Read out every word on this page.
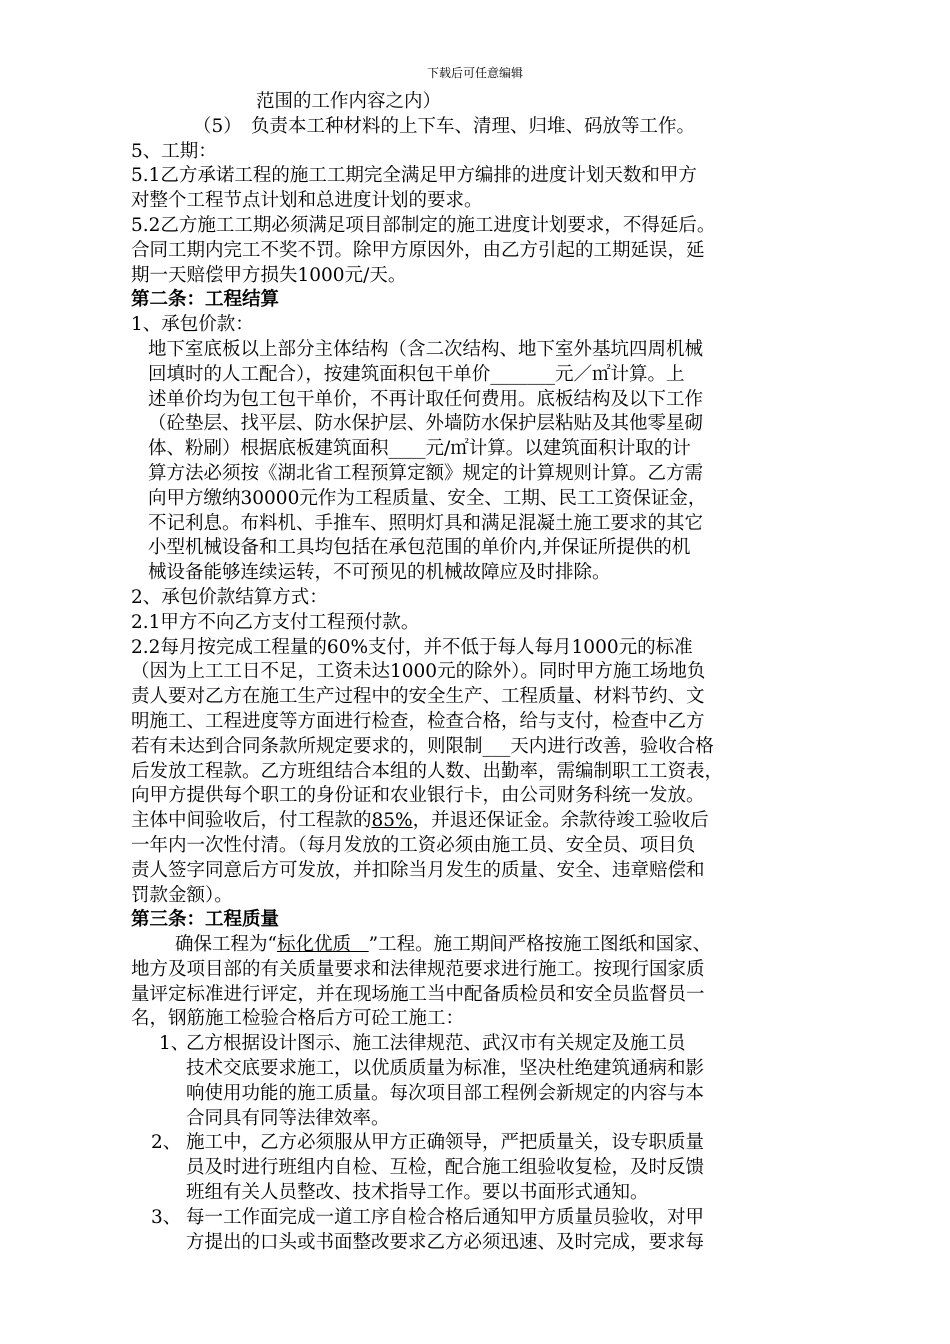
下载后可任意编辑
范围的工作内容之内）
（5）　负责本工种材料的上下车、清理、归堆、码放等工作。
5、工期：
5.1乙方承诺工程的施工工期完全满足甲方编排的进度计划天数和甲方
对整个工程节点计划和总进度计划的要求。
5.2乙方施工工期必须满足项目部制定的施工进度计划要求，不得延后。
合同工期内完工不奖不罚。除甲方原因外，由乙方引起的工期延误，延
期一天赔偿甲方损失1000元/天。
第二条：工程结算
1、承包价款：
地下室底板以上部分主体结构（含二次结构、地下室外基坑四周机械
回填时的人工配合），按建筑面积包干单价_______元／㎡计算。上
述单价均为包工包干单价，不再计取任何费用。底板结构及以下工作
（砼垫层、找平层、防水保护层、外墙防水保护层粘贴及其他零星砌
体、粉刷）根据底板建筑面积____元/㎡计算。以建筑面积计取的计
算方法必须按《湖北省工程预算定额》规定的计算规则计算。乙方需
向甲方缴纳30000元作为工程质量、安全、工期、民工工资保证金，
不记利息。布料机、手推车、照明灯具和满足混凝土施工要求的其它
小型机械设备和工具均包括在承包范围的单价内,并保证所提供的机
械设备能够连续运转，不可预见的机械故障应及时排除。
2、承包价款结算方式：
2.1甲方不向乙方支付工程预付款。
2.2每月按完成工程量的60%支付，并不低于每人每月1000元的标准
（因为上工工日不足，工资未达1000元的除外）。同时甲方施工场地负
责人要对乙方在施工生产过程中的安全生产、工程质量、材料节约、文
明施工、工程进度等方面进行检查，检查合格，给与支付，检查中乙方
若有未达到合同条款所规定要求的，则限制___天内进行改善，验收合格
后发放工程款。乙方班组结合本组的人数、出勤率，需编制职工工资表，
向甲方提供每个职工的身份证和农业银行卡，由公司财务科统一发放。
主体中间验收后，付工程款的85%，并退还保证金。余款待竣工验收后
一年内一次性付清。（每月发放的工资必须由施工员、安全员、项目负
责人签字同意后方可发放，并扣除当月发生的质量、安全、违章赔偿和
罚款金额）。
第三条：工程质量
确保工程为“标化优质 ”工程。施工期间严格按施工图纸和国家、
地方及项目部的有关质量要求和法律规范要求进行施工。按现行国家质
量评定标准进行评定，并在现场施工当中配备质检员和安全员监督员一
名，钢筋施工检验合格后方可砼工施工：
1、
乙方根据设计图示、施工法律规范、武汉市有关规定及施工员
技术交底要求施工，以优质质量为标准，坚决杜绝建筑通病和影
响使用功能的施工质量。每次项目部工程例会新规定的内容与本
合同具有同等法律效率。
2、 施工中，乙方必须服从甲方正确领导，严把质量关，设专职质量
员及时进行班组内自检、互检，配合施工组验收复检，及时反馈
班组有关人员整改、技术指导工作。要以书面形式通知。
3、 每一工作面完成一道工序自检合格后通知甲方质量员验收，对甲
方提出的口头或书面整改要求乙方必须迅速、及时完成，要求每
